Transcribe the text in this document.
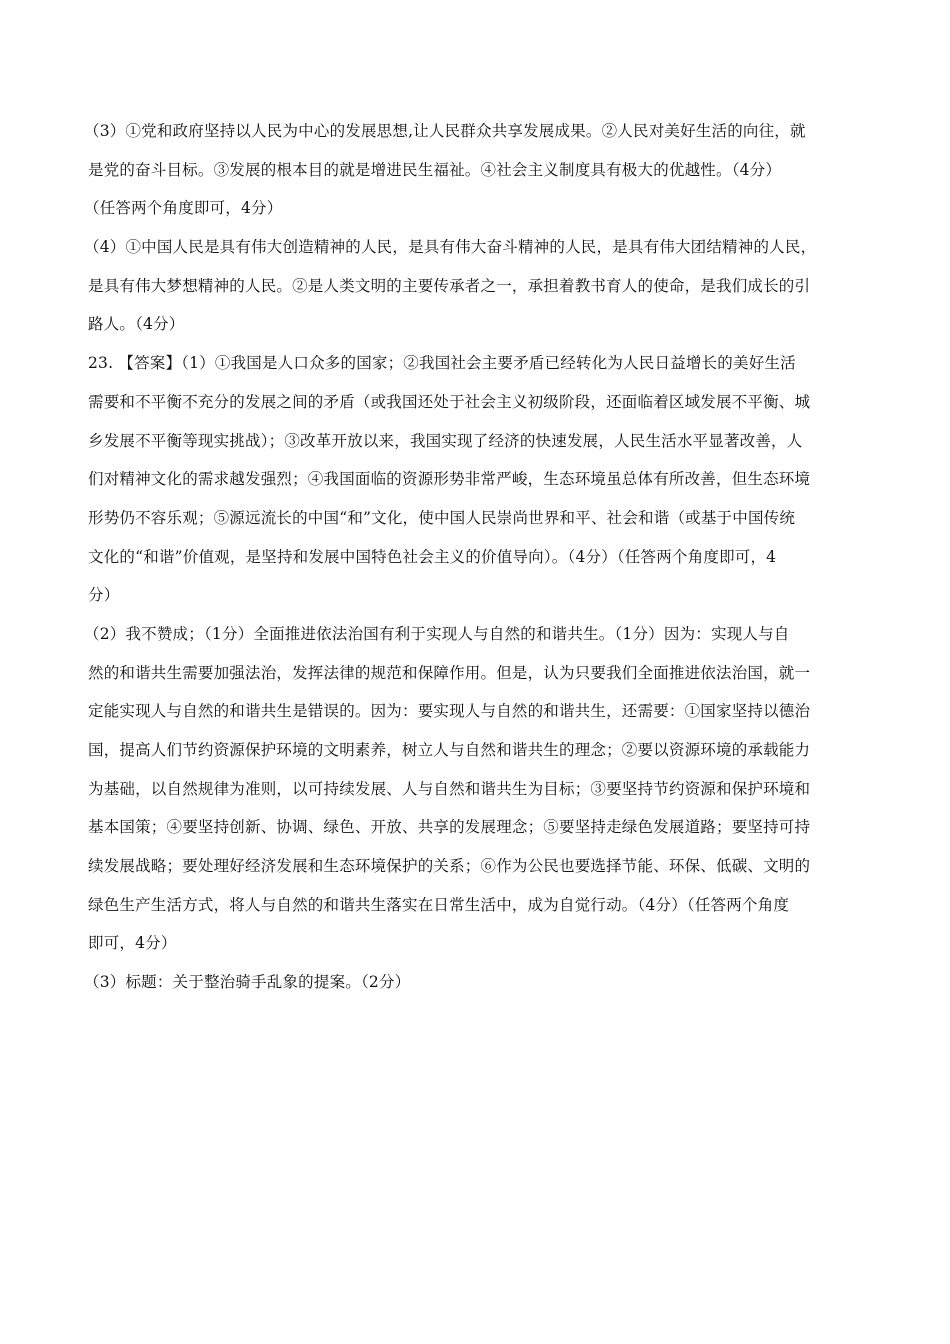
（3）①党和政府坚持以人民为中心的发展思想,让人民群众共享发展成果。②人民对美好生活的向往，就
是党的奋斗目标。③发展的根本目的就是增进民生福祉。④社会主义制度具有极大的优越性。（4分）
（任答两个角度即可，4分）
（4）①中国人民是具有伟大创造精神的人民，是具有伟大奋斗精神的人民，是具有伟大团结精神的人民，
是具有伟大梦想精神的人民。②是人类文明的主要传承者之一，承担着教书育人的使命，是我们成长的引
路人。（4分）
23. 【答案】（1）①我国是人口众多的国家；②我国社会主要矛盾已经转化为人民日益增长的美好生活
需要和不平衡不充分的发展之间的矛盾（或我国还处于社会主义初级阶段，还面临着区域发展不平衡、城
乡发展不平衡等现实挑战）；③改革开放以来，我国实现了经济的快速发展，人民生活水平显著改善，人
们对精神文化的需求越发强烈；④我国面临的资源形势非常严峻，生态环境虽总体有所改善，但生态环境
形势仍不容乐观；⑤源远流长的中国“和”文化，使中国人民崇尚世界和平、社会和谐（或基于中国传统
文化的“和谐”价值观，是坚持和发展中国特色社会主义的价值导向）。（4分）（任答两个角度即可，4
分）
（2）我不赞成；（1分）全面推进依法治国有利于实现人与自然的和谐共生。（1分）因为：实现人与自
然的和谐共生需要加强法治，发挥法律的规范和保障作用。但是，认为只要我们全面推进依法治国，就一
定能实现人与自然的和谐共生是错误的。因为：要实现人与自然的和谐共生，还需要：①国家坚持以德治
国，提高人们节约资源保护环境的文明素养，树立人与自然和谐共生的理念；②要以资源环境的承载能力
为基础，以自然规律为准则，以可持续发展、人与自然和谐共生为目标；③要坚持节约资源和保护环境和
基本国策；④要坚持创新、协调、绿色、开放、共享的发展理念；⑤要坚持走绿色发展道路；要坚持可持
续发展战略；要处理好经济发展和生态环境保护的关系；⑥作为公民也要选择节能、环保、低碳、文明的
绿色生产生活方式，将人与自然的和谐共生落实在日常生活中，成为自觉行动。（4分）（任答两个角度
即可，4分）
（3）标题：关于整治骑手乱象的提案。（2分）
